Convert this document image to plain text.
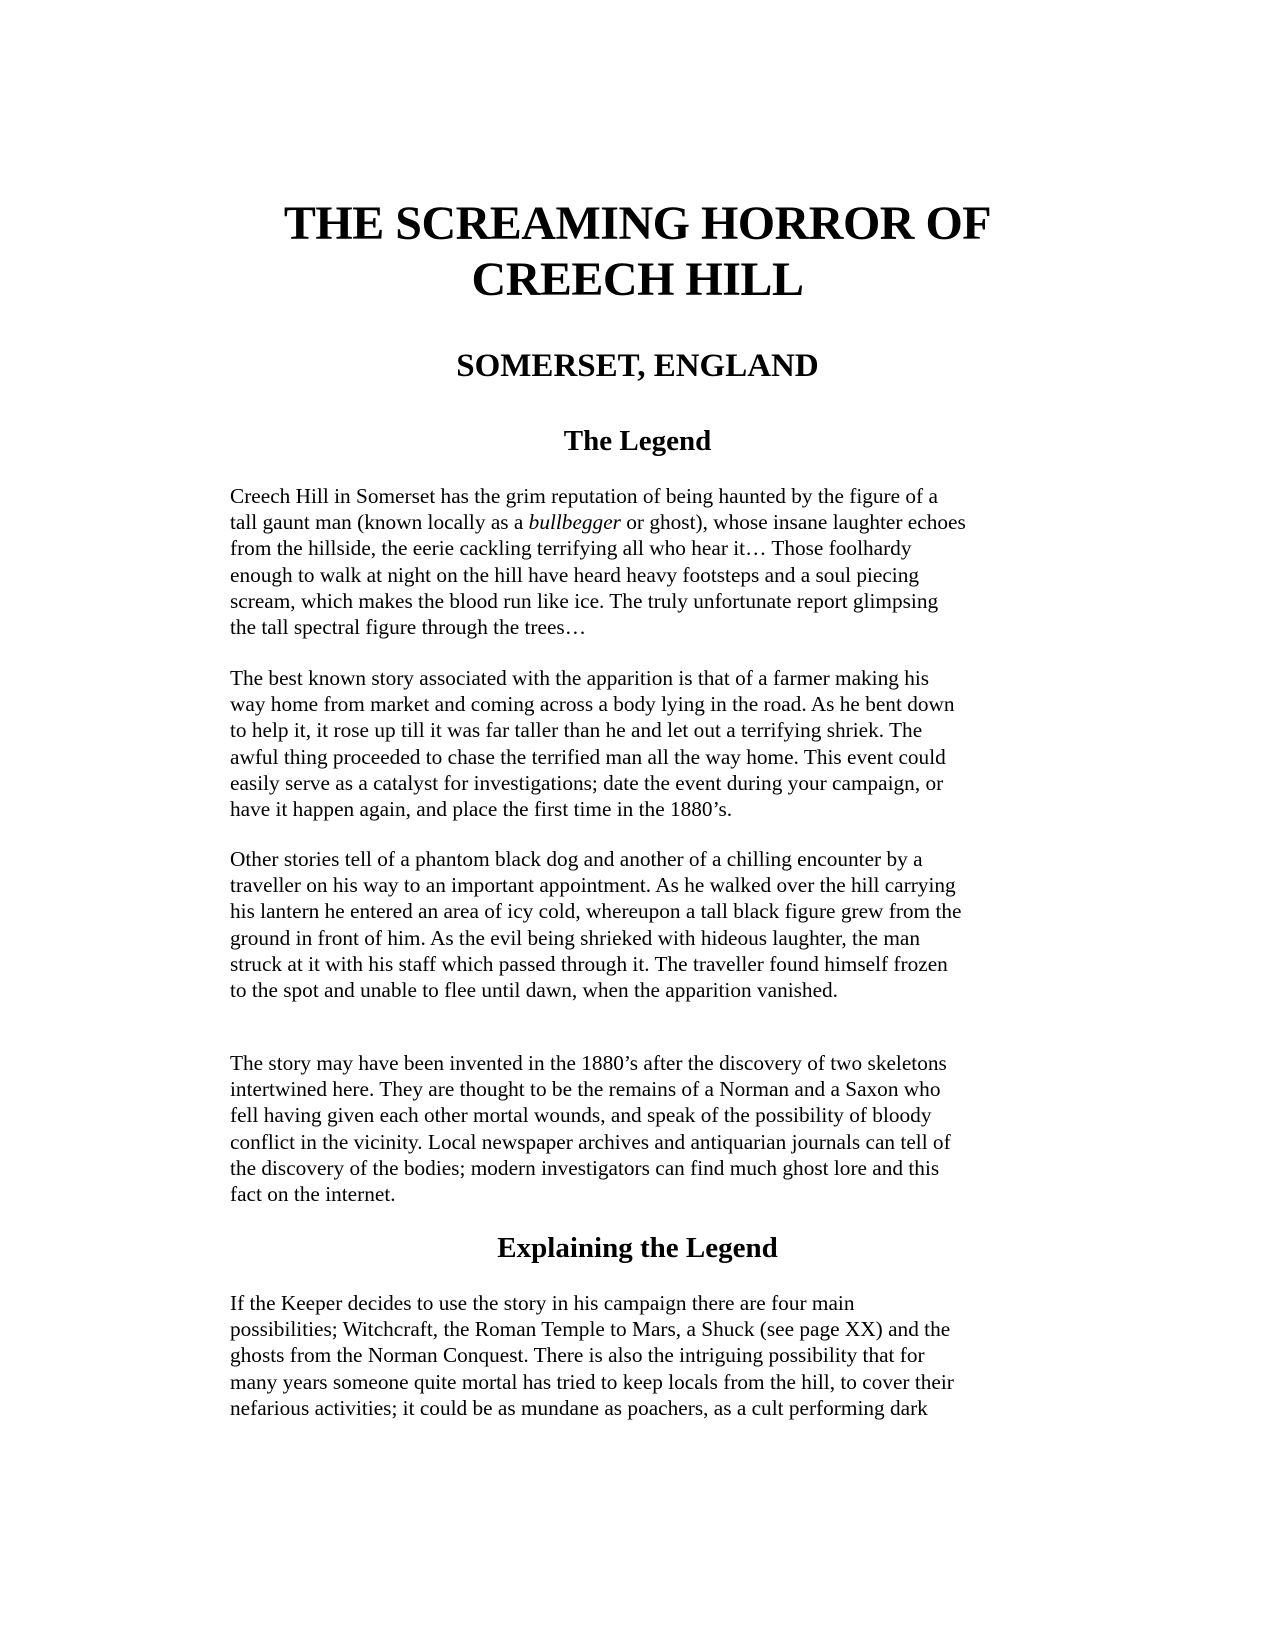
THE SCREAMING HORROR OF
CREECH HILL
SOMERSET, ENGLAND
The Legend
Creech Hill in Somerset has the grim reputation of being haunted by the figure of a
tall gaunt man (known locally as a bullbegger or ghost), whose insane laughter echoes
from the hillside, the eerie cackling terrifying all who hear it… Those foolhardy
enough to walk at night on the hill have heard heavy footsteps and a soul piecing
scream, which makes the blood run like ice. The truly unfortunate report glimpsing
the tall spectral figure through the trees…
The best known story associated with the apparition is that of a farmer making his
way home from market and coming across a body lying in the road. As he bent down
to help it, it rose up till it was far taller than he and let out a terrifying shriek. The
awful thing proceeded to chase the terrified man all the way home. This event could
easily serve as a catalyst for investigations; date the event during your campaign, or
have it happen again, and place the first time in the 1880’s.
Other stories tell of a phantom black dog and another of a chilling encounter by a
traveller on his way to an important appointment. As he walked over the hill carrying
his lantern he entered an area of icy cold, whereupon a tall black figure grew from the
ground in front of him. As the evil being shrieked with hideous laughter, the man
struck at it with his staff which passed through it. The traveller found himself frozen
to the spot and unable to flee until dawn, when the apparition vanished.
The story may have been invented in the 1880’s after the discovery of two skeletons
intertwined here. They are thought to be the remains of a Norman and a Saxon who
fell having given each other mortal wounds, and speak of the possibility of bloody
conflict in the vicinity. Local newspaper archives and antiquarian journals can tell of
the discovery of the bodies; modern investigators can find much ghost lore and this
fact on the internet.
Explaining the Legend
If the Keeper decides to use the story in his campaign there are four main
possibilities; Witchcraft, the Roman Temple to Mars, a Shuck (see page XX) and the
ghosts from the Norman Conquest. There is also the intriguing possibility that for
many years someone quite mortal has tried to keep locals from the hill, to cover their
nefarious activities; it could be as mundane as poachers, as a cult performing dark
